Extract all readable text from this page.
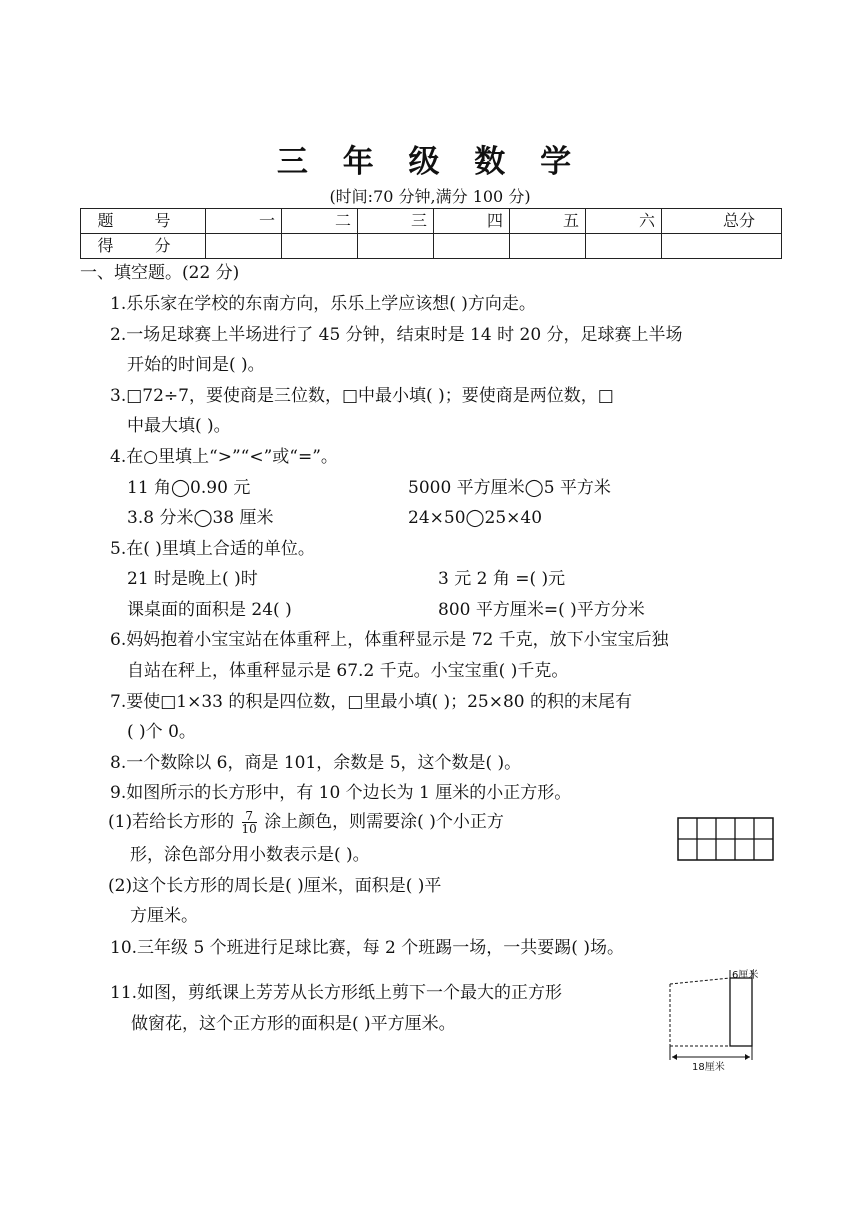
三 年 级 数 学
(时间:70 分钟,满分 100 分)
题 号	一	二	三	四	五	六	总分
得 分							
一、填空题。(22 分)
1.乐乐家在学校的东南方向，乐乐上学应该想( )方向走。
2.一场足球赛上半场进行了 45 分钟，结束时是 14 时 20 分，足球赛上半场
开始的时间是( )。
3.□72÷7，要使商是三位数，□中最小填( )；要使商是两位数，□
中最大填( )。
4.在○里填上“>”“<”或“=”。
11 角◯0.90 元	5000 平方厘米◯5 平方米
3.8 分米◯38 厘米	24×50◯25×40
5.在( )里填上合适的单位。
21 时是晚上( )时	3 元 2 角 =( )元
课桌面的面积是 24( )	800 平方厘米=( )平方分米
6.妈妈抱着小宝宝站在体重秤上，体重秤显示是 72 千克，放下小宝宝后独
自站在秤上，体重秤显示是 67.2 千克。小宝宝重( )千克。
7.要使□1×33 的积是四位数，□里最小填( )；25×80 的积的末尾有
( )个 0。
8.一个数除以 6，商是 101，余数是 5，这个数是( )。
9.如图所示的长方形中，有 10 个边长为 1 厘米的小正方形。
(1)若给长方形的 $\frac{7}{10}$ 涂上颜色，则需要涂( )个小正方
形，涂色部分用小数表示是( )。
(2)这个长方形的周长是( )厘米，面积是( )平
方厘米。
10.三年级 5 个班进行足球比赛，每 2 个班踢一场，一共要踢( )场。
11.如图，剪纸课上芳芳从长方形纸上剪下一个最大的正方形
做窗花，这个正方形的面积是( )平方厘米。
6厘米
18厘米
